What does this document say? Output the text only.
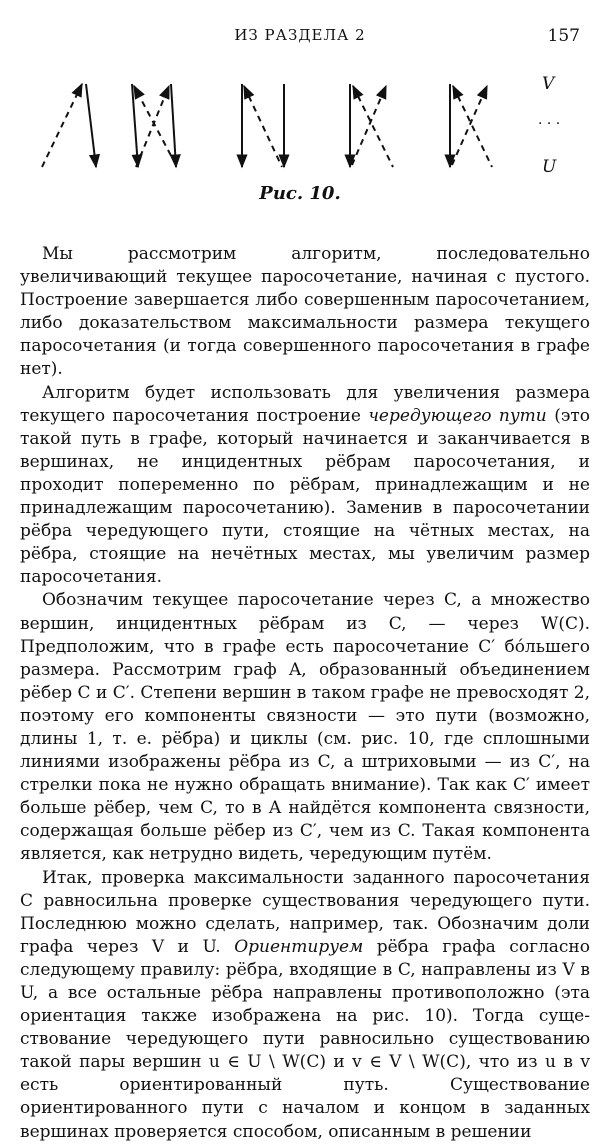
ИЗ РАЗДЕЛА 2	157
V
· · ·
U
Рис. 10.

Мы рассмотрим алгоритм, последовательно увеличивающий текущее паросочетание, начиная с пустого. Построение завершается либо совершенным паросочетанием, либо доказательством максимальности размера текущего паросочетания (и тогда совершенного паросочетания в графе нет).

Алгоритм будет использовать для увеличения размера текущего паросочетания построение чередующего пути (это такой путь в графе, который начинается и заканчивается в вершинах, не инцидентных рёбрам паросочетания, и проходит попеременно по рёбрам, принадлежащим и не принадлежащим паросочетанию). Заменив в паросочетании рёбра чередующего пути, стоящие на чётных местах, на рёбра, стоящие на нечётных местах, мы увеличим размер паросочетания.

Обозначим текущее паросочетание через C, а множество вершин, инцидентных рёбрам из C, — через W(C). Предположим, что в графе есть паросочетание C′ бо́льшего размера. Рассмотрим граф A, образованный объединением рёбер C и C′. Степени вершин в таком графе не превосходят 2, поэтому его компоненты связности — это пути (возможно, длины 1, т. е. рёбра) и циклы (см. рис. 10, где сплошными линиями изображены рёбра из C, а штриховыми — из C′, на стрелки пока не нужно обращать внимание). Так как C′ имеет больше рёбер, чем C, то в A найдётся компонента связности, содержащая больше рёбер из C′, чем из C. Такая компонента является, как нетрудно видеть, чередующим путём.

Итак, проверка максимальности заданного паросочетания C равносильна проверке существования чередующего пути. Последнюю можно сделать, например, так. Обозначим доли графа через V и U. Ориентируем рёбра графа согласно следующему правилу: рёбра, входящие в C, направлены из V в U, а все остальные рёбра направлены противоположно (эта ориентация также изображена на рис. 10). Тогда существование чередующего пути равносильно существованию такой пары вершин u ∈ U \ W(C) и v ∈ V \ W(C), что из u в v есть ориентированный путь. Существование ориентированного пути с началом и концом в заданных вершинах проверяется способом, описанным в решении
